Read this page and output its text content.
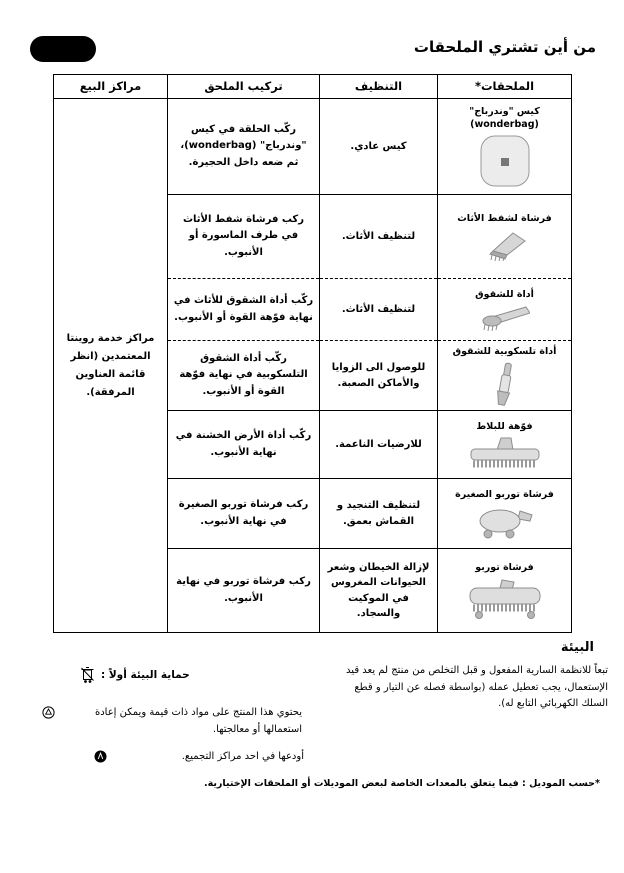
من أين تشتري الملحقات
الملحقات*	التنظيف	تركيب الملحق	مراكز البيع

كيس "وندرباج" (wonderbag)	كيس عادي.	ركّب الحلقة في كيس "وندرباج" (wonderbag)، ثم ضعه داخل الحجيرة.	مراكز خدمة روينتا المعتمدين (انظر قائمة العناوين المرفقة).

فرشاة لشفط الأثاث	لتنظيف الأثاث.	ركب فرشاة شفط الأثاث في طرف الماسورة أو الأنبوب.	

أداة للشقوق	لتنظيف الأثاث.	ركّب أداة الشقوق للأثاث في نهاية فوّهة القوة أو الأنبوب.	

أداة تلسكوبية للشقوق	للوصول الى الزوايا والأماكن الصعبة.	ركّب أداة الشقوق التلسكوبية في نهاية فوّهة القوة أو الأنبوب.	

فوّهة للبلاط	للارضيات الناعمة.	ركّب أداة الأرض الخشنة في نهاية الأنبوب.	

فرشاة توربو الصغيرة	لتنظيف التنجيد و القماش بعمق.	ركب فرشاة توربو الصغيرة في نهاية الأنبوب.	

فرشاة توربو	لإزالة الخيطان وشعر الحيوانات المغروس في الموكيت والسجاد.	ركب فرشاة توربو في نهاية الأنبوب.	
البيئة

تبعاً للانظمة السارية المفعول و قبل التخلص من منتج لم يعد قيد الإستعمال، يجب تعطيل عمله (بواسطة فصله عن التيار و قطع السلك الكهربائي التابع له).

حماية البيئة أولاً :
يحتوي هذا المنتج على مواد ذات قيمة ويمكن إعادة استعمالها أو معالجتها.
أودعها في احد مراكز التجميع.
*حسب الموديل : فيما يتعلق بالمعدات الخاصة لبعض الموديلات أو الملحقات الإختيارية.
